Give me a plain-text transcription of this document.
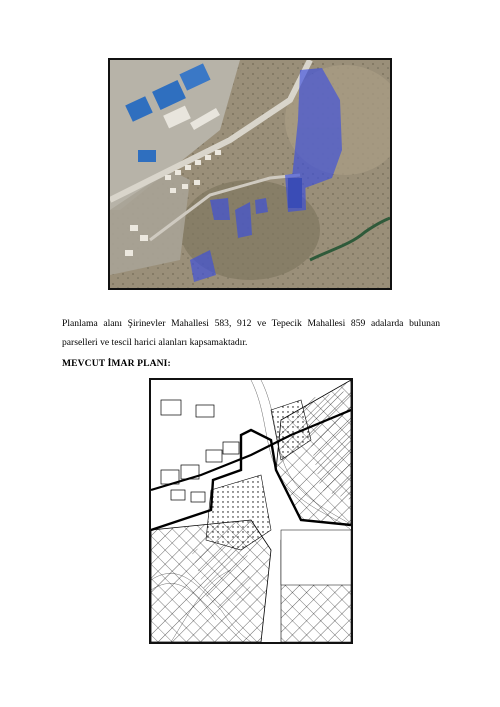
Planlama alanı Şirinevler Mahallesi 583, 912 ve Tepecik Mahallesi 859 adalarda bulunan parselleri ve tescil harici alanları kapsamaktadır.

MEVCUT İMAR PLANI:
